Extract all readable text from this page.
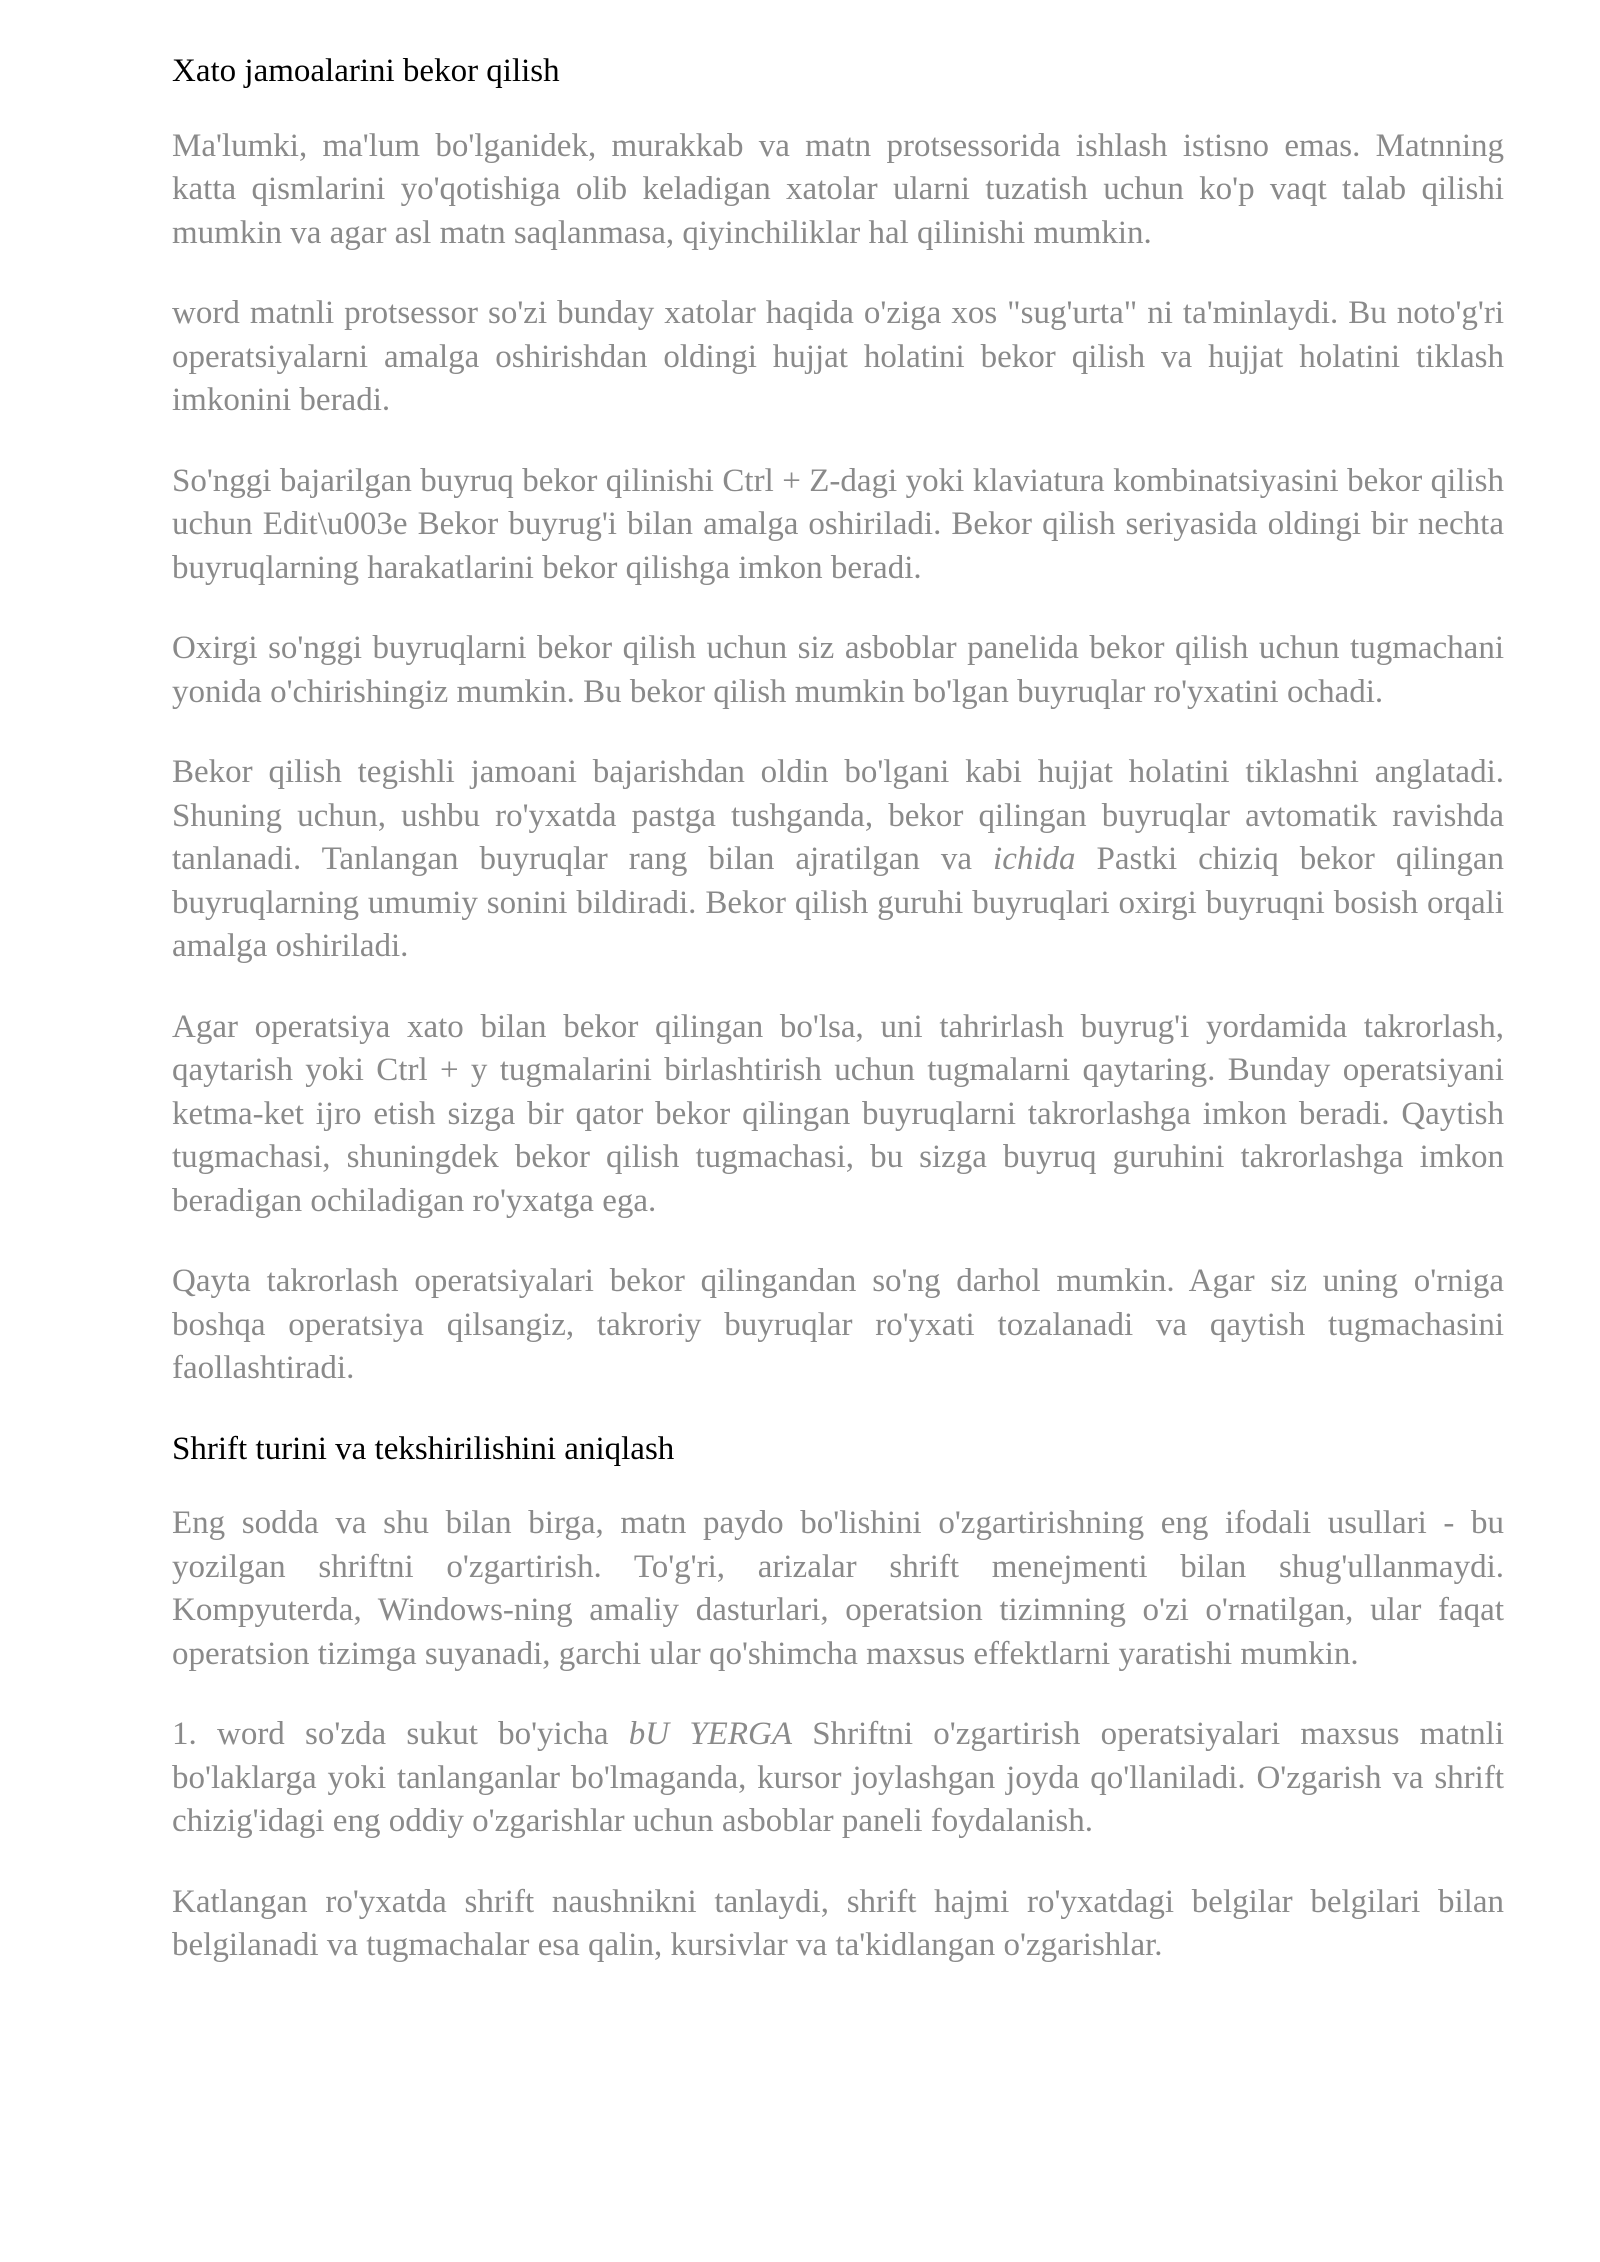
Xato jamoalarini bekor qilish
Ma'lumki, ma'lum bo'lganidek, murakkab va matn protsessorida ishlash istisno emas. Matnning katta qismlarini yo'qotishiga olib keladigan xatolar ularni tuzatish uchun ko'p vaqt talab qilishi mumkin va agar asl matn saqlanmasa, qiyinchiliklar hal qilinishi mumkin.
word matnli protsessor so'zi bunday xatolar haqida o'ziga xos "sug'urta" ni ta'minlaydi. Bu noto'g'ri operatsiyalarni amalga oshirishdan oldingi hujjat holatini bekor qilish va hujjat holatini tiklash imkonini beradi.
So'nggi bajarilgan buyruq bekor qilinishi Ctrl + Z-dagi yoki klaviatura kombinatsiyasini bekor qilish uchun Edit\u003e Bekor buyrug'i bilan amalga oshiriladi. Bekor qilish seriyasida oldingi bir nechta buyruqlarning harakatlarini bekor qilishga imkon beradi.
Oxirgi so'nggi buyruqlarni bekor qilish uchun siz asboblar panelida bekor qilish uchun tugmachani yonida o'chirishingiz mumkin. Bu bekor qilish mumkin bo'lgan buyruqlar ro'yxatini ochadi.
Bekor qilish tegishli jamoani bajarishdan oldin bo'lgani kabi hujjat holatini tiklashni anglatadi. Shuning uchun, ushbu ro'yxatda pastga tushganda, bekor qilingan buyruqlar avtomatik ravishda tanlanadi. Tanlangan buyruqlar rang bilan ajratilgan va ichida Pastki chiziq bekor qilingan buyruqlarning umumiy sonini bildiradi. Bekor qilish guruhi buyruqlari oxirgi buyruqni bosish orqali amalga oshiriladi.
Agar operatsiya xato bilan bekor qilingan bo'lsa, uni tahrirlash buyrug'i yordamida takrorlash, qaytarish yoki Ctrl + y tugmalarini birlashtirish uchun tugmalarni qaytaring. Bunday operatsiyani ketma-ket ijro etish sizga bir qator bekor qilingan buyruqlarni takrorlashga imkon beradi. Qaytish tugmachasi, shuningdek bekor qilish tugmachasi, bu sizga buyruq guruhini takrorlashga imkon beradigan ochiladigan ro'yxatga ega.
Qayta takrorlash operatsiyalari bekor qilingandan so'ng darhol mumkin. Agar siz uning o'rniga boshqa operatsiya qilsangiz, takroriy buyruqlar ro'yxati tozalanadi va qaytish tugmachasini faollashtiradi.
Shrift turini va tekshirilishini aniqlash
Eng sodda va shu bilan birga, matn paydo bo'lishini o'zgartirishning eng ifodali usullari - bu yozilgan shriftni o'zgartirish. To'g'ri, arizalar shrift menejmenti bilan shug'ullanmaydi. Kompyuterda, Windows-ning amaliy dasturlari, operatsion tizimning o'zi o'rnatilgan, ular faqat operatsion tizimga suyanadi, garchi ular qo'shimcha maxsus effektlarni yaratishi mumkin.
1. word so'zda sukut bo'yicha bU YERGA Shriftni o'zgartirish operatsiyalari maxsus matnli bo'laklarga yoki tanlanganlar bo'lmaganda, kursor joylashgan joyda qo'llaniladi. O'zgarish va shrift chizig'idagi eng oddiy o'zgarishlar uchun asboblar paneli foydalanish.
Katlangan ro'yxatda shrift naushnikni tanlaydi, shrift hajmi ro'yxatdagi belgilar belgilari bilan belgilanadi va tugmachalar esa qalin, kursivlar va ta'kidlangan o'zgarishlar.
